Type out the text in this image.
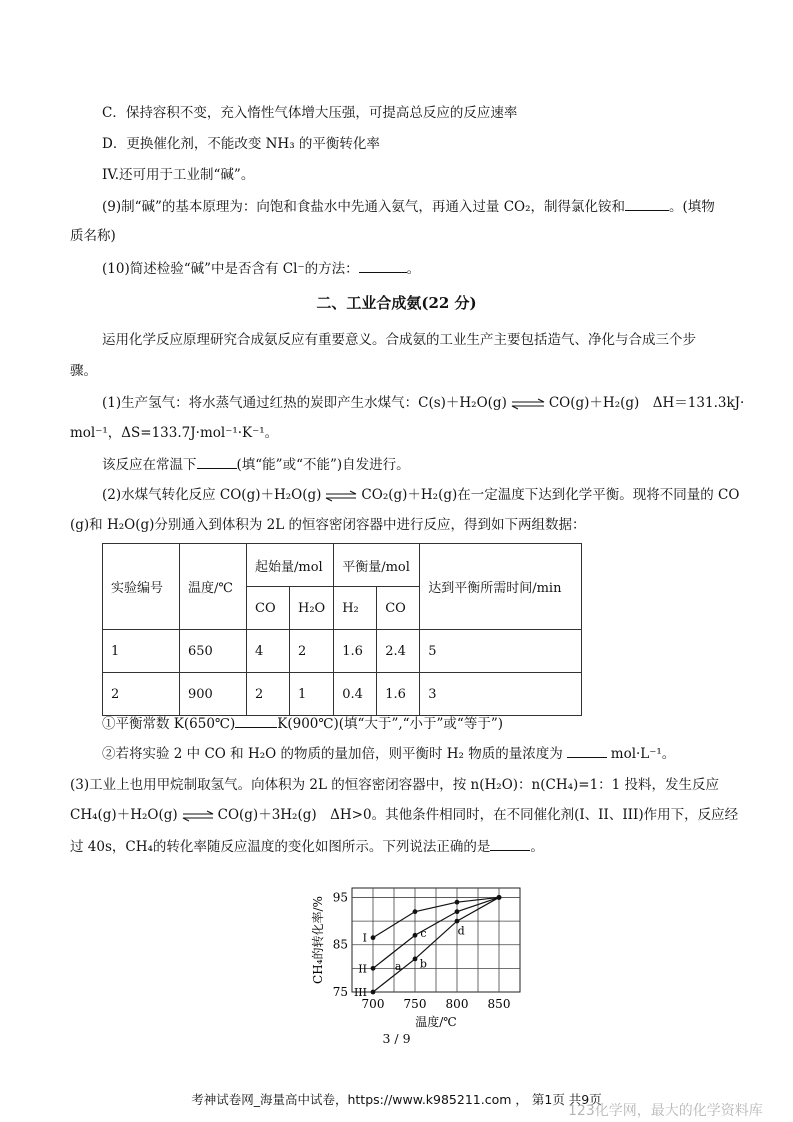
C．保持容积不变，充入惰性气体增大压强，可提高总反应的反应速率
D．更换催化剂，不能改变 NH₃ 的平衡转化率
IV.还可用于工业制“碱”。
(9)制“碱”的基本原理为：向饱和食盐水中先通入氨气，再通入过量 CO₂，制得氯化铵和	。(填物
质名称)
(10)简述检验“碱”中是否含有 Cl⁻的方法：	。
二、工业合成氨(22 分)
运用化学反应原理研究合成氨反应有重要意义。合成氨的工业生产主要包括造气、净化与合成三个步
骤。
(1)生产氢气：将水蒸气通过红热的炭即产生水煤气：C(s)＋H₂O(g) ⇌ CO(g)＋H₂(g)　ΔH＝131.3kJ·
mol⁻¹，ΔS=133.7J·mol⁻¹·K⁻¹。
该反应在常温下	(填“能”或“不能”)自发进行。
(2)水煤气转化反应 CO(g)＋H₂O(g) ⇌ CO₂(g)＋H₂(g)在一定温度下达到化学平衡。现将不同量的 CO
(g)和 H₂O(g)分别通入到体积为 2L 的恒容密闭容器中进行反应，得到如下两组数据：
实验编号	温度/℃	起始量/mol		平衡量/mol		达到平衡所需时间/min
		CO	H₂O	H₂	CO	
1	650	4	2	1.6	2.4	5
2	900	2	1	0.4	1.6	3
①平衡常数 K(650℃)	K(900℃)(填“大于”,“小于”或“等于”)
②若将实验 2 中 CO 和 H₂O 的物质的量加倍，则平衡时 H₂ 物质的量浓度为	mol·L⁻¹。
(3)工业上也用甲烷制取氢气。向体积为 2L 的恒容密闭容器中，按 n(H₂O)：n(CH₄)=1：1 投料，发生反应
CH₄(g)＋H₂O(g) ⇌ CO(g)＋3H₂(g)　ΔH>0。其他条件相同时，在不同催化剂(I、II、III)作用下，反应经
过 40s，CH₄的转化率随反应温度的变化如图所示。下列说法正确的是	。
700 750 800 850
75
85
95
温度/℃
CH₄的转化率/%	I
II
III
a b
c	d
3 / 9
考神试卷网_海量高中试卷，https://www.k985211.com ， 第1页 共9页
123化学网，最大的化学资料库
